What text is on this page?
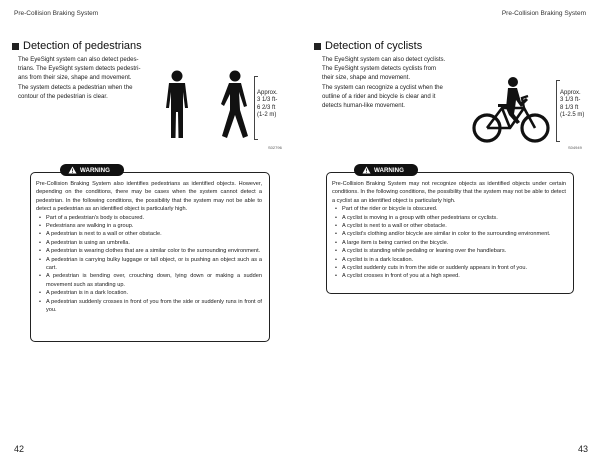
Pre-Collision Braking System
Detection of pedestrians

The EyeSight system can also detect pedes-

trians. The EyeSight system detects pedestri-

ans from their size, shape and movement.

The system detects a pedestrian when the

contour of the pedestrian is clear.	Approx.
3 1/3 ft-
6 2/3 ft
(1-2 m)
S02796
WARNING

Pre-Collision Braking System also identifies pedestrians as identified objects. However, depending on the conditions, there may be cases when the system cannot detect a pedestrian. In the following conditions, the possibility that the system may not be able to detect a pedestrian as an identified object is particularly high.

• Part of a pedestrian's body is obscured.
• Pedestrians are walking in a group.
• A pedestrian is next to a wall or other obstacle.
• A pedestrian is using an umbrella.
• A pedestrian is wearing clothes that are a similar color to the surrounding environment.
• A pedestrian is carrying bulky luggage or tall object, or is pushing an object such as a cart.
• A pedestrian is bending over, crouching down, lying down or making a sudden movement such as standing up.
• A pedestrian is in a dark location.
• A pedestrian suddenly crosses in front of you from the side or suddenly runs in front of you.
42
Pre-Collision Braking System
Detection of cyclists

The EyeSight system can also detect cyclists.

The EyeSight system detects cyclists from

their size, shape and movement.

The system can recognize a cyclist when the

outline of a rider and bicycle is clear and it

detects human-like movement.

Approx.
3 1/3 ft-
8 1/3 ft
(1-2.5 m)
S04949
WARNING

Pre-Collision Braking System may not recognize objects as identified objects under certain conditions. In the following conditions, the possibility that the system may not be able to detect a cyclist as an identified object is particularly high.

• Part of the rider or bicycle is obscured.
• A cyclist is moving in a group with other pedestrians or cyclists.
• A cyclist is next to a wall or other obstacle.
• A cyclist's clothing and/or bicycle are similar in color to the surrounding environment.
• A large item is being carried on the bicycle.
• A cyclist is standing while pedaling or leaning over the handlebars.
• A cyclist is in a dark location.
• A cyclist suddenly cuts in from the side or suddenly appears in front of you.
• A cyclist crosses in front of you at a high speed.
43
